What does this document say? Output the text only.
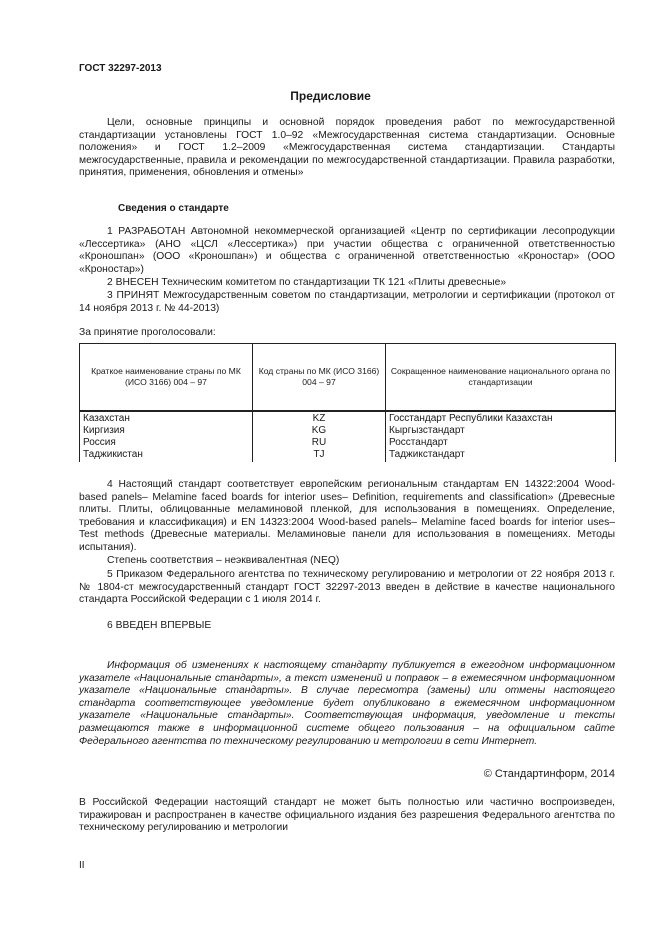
ГОСТ 32297-2013
Предисловие
Цели, основные принципы и основной порядок проведения работ по межгосударственной стандартизации установлены ГОСТ 1.0–92 «Межгосударственная система стандартизации. Основные положения» и ГОСТ 1.2–2009 «Межгосударственная система стандартизации. Стандарты межгосударственные, правила и рекомендации по межгосударственной стандартизации. Правила разработки, принятия, применения, обновления и отмены»
Сведения о стандарте
1 РАЗРАБОТАН Автономной некоммерческой организацией «Центр по сертификации лесопродукции «Лессертика» (АНО «ЦСЛ «Лессертика») при участии общества с ограниченной ответственностью «Кроношпан» (ООО «Кроношпан») и общества с ограниченной ответственностью «Кроностар» (ООО «Кроностар»)
2 ВНЕСЕН Техническим комитетом по стандартизации ТК 121 «Плиты древесные»
3 ПРИНЯТ Межгосударственным советом по стандартизации, метрологии и сертификации (протокол от 14 ноября 2013 г. № 44-2013)
За принятие проголосовали:
Краткое наименование страны по МК (ИСО 3166) 004 – 97	Код страны по МК (ИСО 3166) 004 – 97	Сокращенное наименование национального органа по стандартизации

Казахстан	KZ	Госстандарт Республики Казахстан
Киргизия	KG	Кыргызстандарт
Россия	RU	Росстандарт
Таджикистан	TJ	Таджикстандарт
4 Настоящий стандарт соответствует европейским региональным стандартам EN 14322:2004 Wood-based panels– Melamine faced boards for interior uses– Definition, requirements and classification» (Древесные плиты. Плиты, облицованные меламиновой пленкой, для использования в помещениях. Определение, требования и классификация) и EN 14323:2004 Wood-based panels– Melamine faced boards for interior uses– Test methods (Древесные материалы. Меламиновые панели для использования в помещениях. Методы испытания).
Степень соответствия – неэквивалентная (NEQ)
5 Приказом Федерального агентства по техническому регулированию и метрологии от 22 ноября 2013 г. № 1804-ст межгосударственный стандарт ГОСТ 32297-2013 введен в действие в качестве национального стандарта Российской Федерации с 1 июля 2014 г.
6 ВВЕДЕН ВПЕРВЫЕ
Информация об изменениях к настоящему стандарту публикуется в ежегодном информационном указателе «Национальные стандарты», а текст изменений и поправок – в ежемесячном информационном указателе «Национальные стандарты». В случае пересмотра (замены) или отмены настоящего стандарта соответствующее уведомление будет опубликовано в ежемесячном информационном указателе «Национальные стандарты». Соответствующая информация, уведомление и тексты размещаются также в информационной системе общего пользования – на официальном сайте Федерального агентства по техническому регулированию и метрологии в сети Интернет.
© Стандартинформ, 2014
В Российской Федерации настоящий стандарт не может быть полностью или частично воспроизведен, тиражирован и распространен в качестве официального издания без разрешения Федерального агентства по техническому регулированию и метрологии
II
